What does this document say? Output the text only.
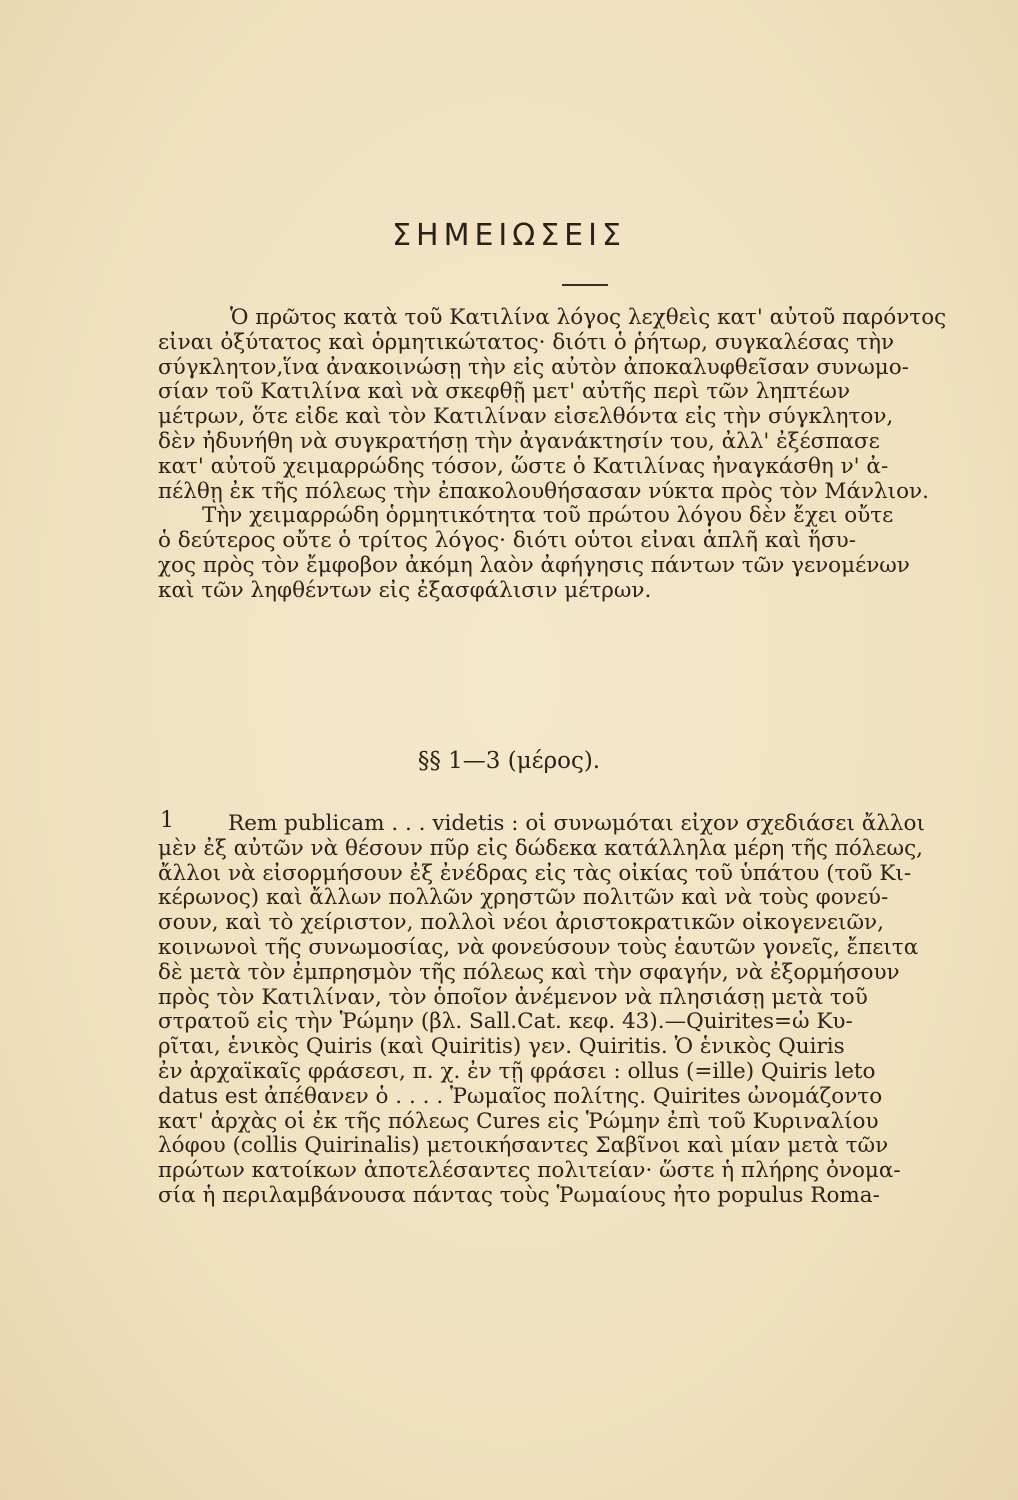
ΣΗΜΕΙΩΣΕΙΣ
Ὁ πρῶτος κατὰ τοῦ Κατιλίνα λόγος λεχθεὶς κατ' αὐτοῦ παρόντος
εἶναι ὀξύτατος καὶ ὁρμητικώτατος· διότι ὁ ῥήτωρ, συγκαλέσας τὴν
σύγκλητον,ἵνα ἀνακοινώσῃ τὴν εἰς αὐτὸν ἀποκαλυφθεῖσαν συνωμο-
σίαν τοῦ Κατιλίνα καὶ νὰ σκεφθῇ μετ' αὐτῆς περὶ τῶν ληπτέων
μέτρων, ὅτε εἶδε καὶ τὸν Κατιλίναν εἰσελθόντα εἰς τὴν σύγκλητον,
δὲν ἠδυνήθη νὰ συγκρατήσῃ τὴν ἀγανάκτησίν του, ἀλλ' ἐξέσπασε
κατ' αὐτοῦ χειμαρρώδης τόσον, ὥστε ὁ Κατιλίνας ἠναγκάσθη ν' ἀ-
πέλθῃ ἐκ τῆς πόλεως τὴν ἐπακολουθήσασαν νύκτα πρὸς τὸν Μάνλιον.
Τὴν χειμαρρώδη ὁρμητικότητα τοῦ πρώτου λόγου δὲν ἔχει οὔτε
ὁ δεύτερος οὔτε ὁ τρίτος λόγος· διότι οὗτοι εἶναι ἁπλῆ καὶ ἥσυ-
χος πρὸς τὸν ἔμφοβον ἀκόμη λαὸν ἀφήγησις πάντων τῶν γενομένων
καὶ τῶν ληφθέντων εἰς ἐξασφάλισιν μέτρων.
§§ 1—3 (μέρος).
1	Rem publicam . . . videtis : οἱ συνωμόται εἶχον σχεδιάσει ἄλλοι
μὲν ἐξ αὐτῶν νὰ θέσουν πῦρ εἰς δώδεκα κατάλληλα μέρη τῆς πόλεως,
ἄλλοι νὰ εἰσορμήσουν ἐξ ἐνέδρας εἰς τὰς οἰκίας τοῦ ὑπάτου (τοῦ Κι-
κέρωνος) καὶ ἄλλων πολλῶν χρηστῶν πολιτῶν καὶ νὰ τοὺς φονεύ-
σουν, καὶ τὸ χείριστον, πολλοὶ νέοι ἀριστοκρατικῶν οἰκογενειῶν,
κοινωνοὶ τῆς συνωμοσίας, νὰ φονεύσουν τοὺς ἑαυτῶν γονεῖς, ἔπειτα
δὲ μετὰ τὸν ἐμπρησμὸν τῆς πόλεως καὶ τὴν σφαγήν, νὰ ἐξορμήσουν
πρὸς τὸν Κατιλίναν, τὸν ὁποῖον ἀνέμενον νὰ πλησιάσῃ μετὰ τοῦ
στρατοῦ εἰς τὴν Ῥώμην (βλ. Sall.Cat. κεφ. 43).—Quirites=ὦ Κυ-
ρῖται, ἑνικὸς Quiris (καὶ Quiritis) γεν. Quiritis. Ὁ ἑνικὸς Quiris
ἐν ἀρχαϊκαῖς φράσεσι, π. χ. ἐν τῇ φράσει : ollus (=ille) Quiris leto
datus est ἀπέθανεν ὁ . . . . Ῥωμαῖος πολίτης. Quirites ὠνομάζοντο
κατ' ἀρχὰς οἱ ἐκ τῆς πόλεως Cures εἰς Ῥώμην ἐπὶ τοῦ Κυριναλίου
λόφου (collis Quirinalis) μετοικήσαντες Σαβῖνοι καὶ μίαν μετὰ τῶν
πρώτων κατοίκων ἀποτελέσαντες πολιτείαν· ὥστε ἡ πλήρης ὀνομα-
σία ἡ περιλαμβάνουσα πάντας τοὺς Ῥωμαίους ἦτο populus Roma-
